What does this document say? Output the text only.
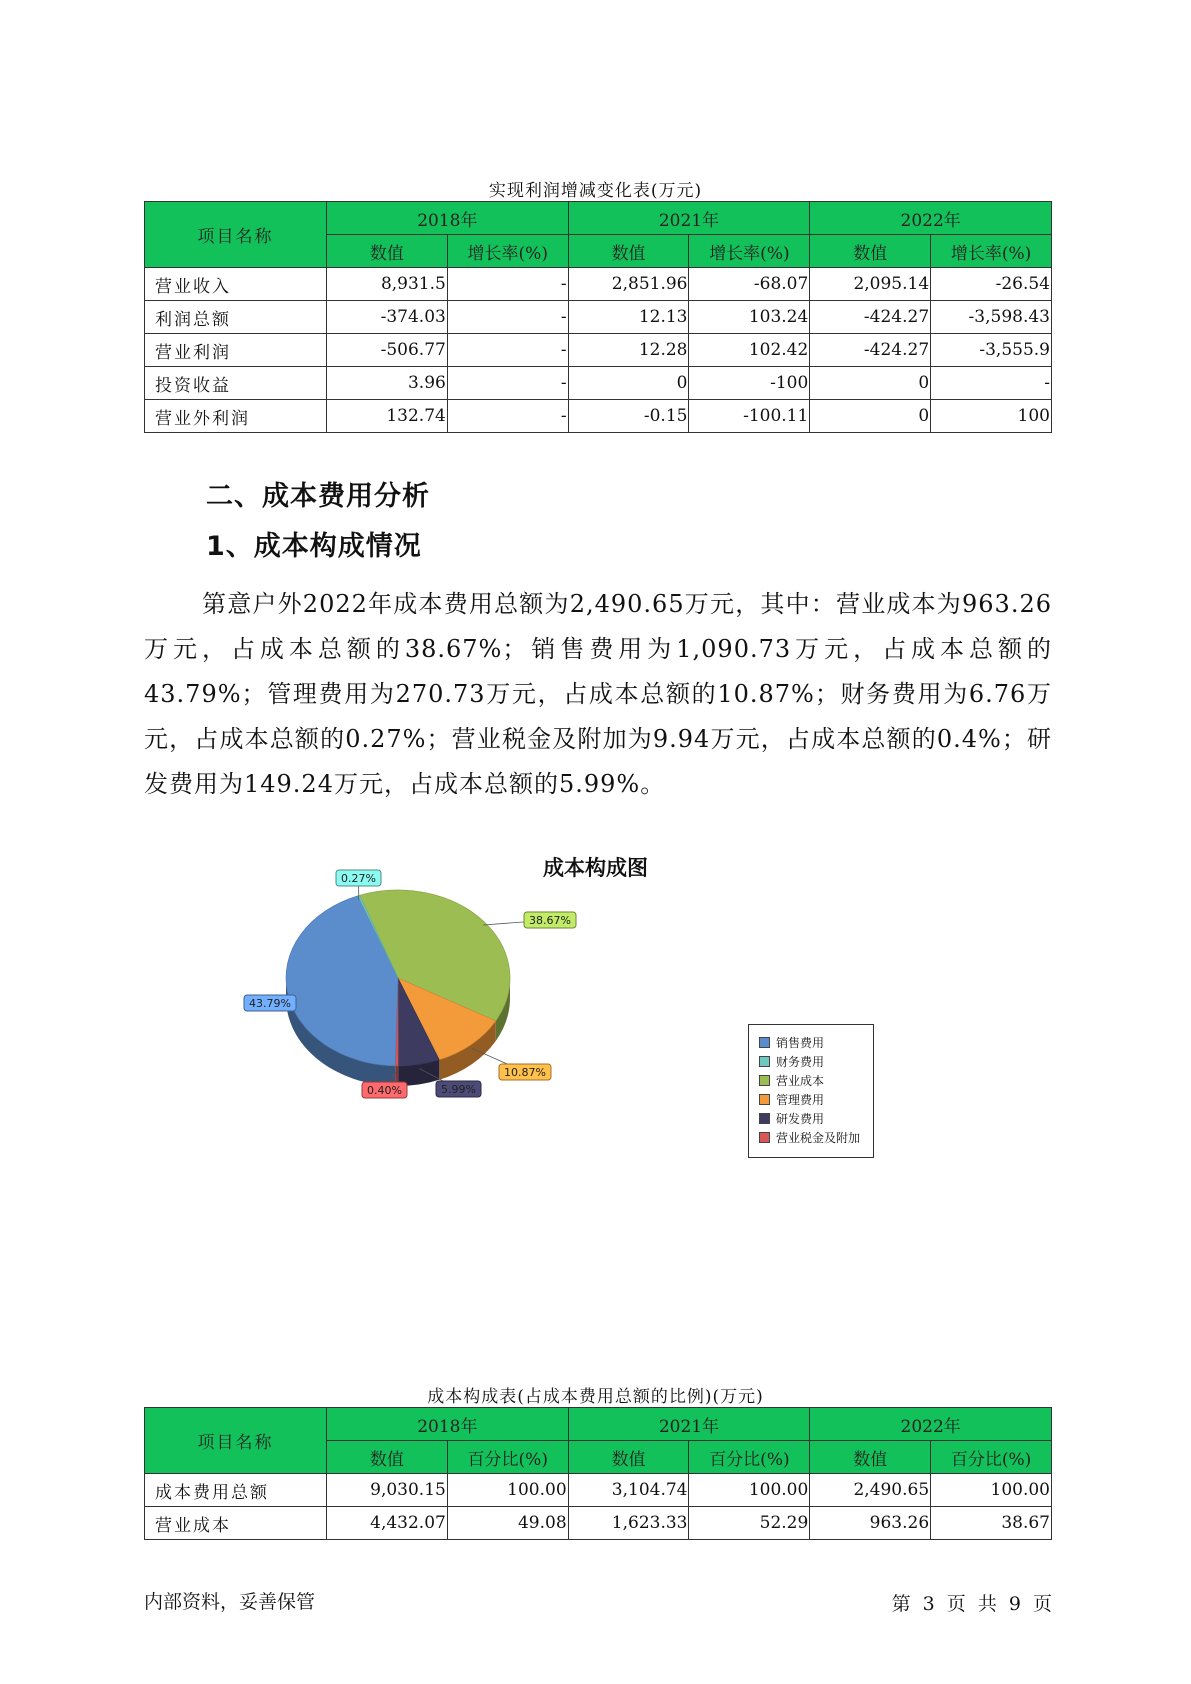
实现利润增减变化表(万元)
项目名称	2018年		2021年		2022年	
	数值	增长率(%)	数值	增长率(%)	数值	增长率(%)
营业收入	8,931.5	-	2,851.96	-68.07	2,095.14	-26.54
利润总额	-374.03	-	12.13	103.24	-424.27	-3,598.43
营业利润	-506.77	-	12.28	102.42	-424.27	-3,555.9
投资收益	3.96	-	0	-100	0	-
营业外利润	132.74	-	-0.15	-100.11	0	100
二、成本费用分析
1、成本构成情况
第意户外2022年成本费用总额为2,490.65万元，其中：营业成本为963.26万元，占成本总额的38.67%；销售费用为1,090.73万元，占成本总额的43.79%；管理费用为270.73万元，占成本总额的10.87%；财务费用为6.76万元，占成本总额的0.27%；营业税金及附加为9.94万元，占成本总额的0.4%；研发费用为149.24万元，占成本总额的5.99%。
成本构成图
38.67%
10.87%
5.99%
0.40%
43.79%
0.27%
销售费用
财务费用
营业成本
管理费用
研发费用
营业税金及附加
成本构成表(占成本费用总额的比例)(万元)
项目名称	2018年		2021年		2022年	
	数值	百分比(%)	数值	百分比(%)	数值	百分比(%)
成本费用总额	9,030.15	100.00	3,104.74	100.00	2,490.65	100.00
营业成本	4,432.07	49.08	1,623.33	52.29	963.26	38.67
内部资料，妥善保管	第 3 页 共 9 页
